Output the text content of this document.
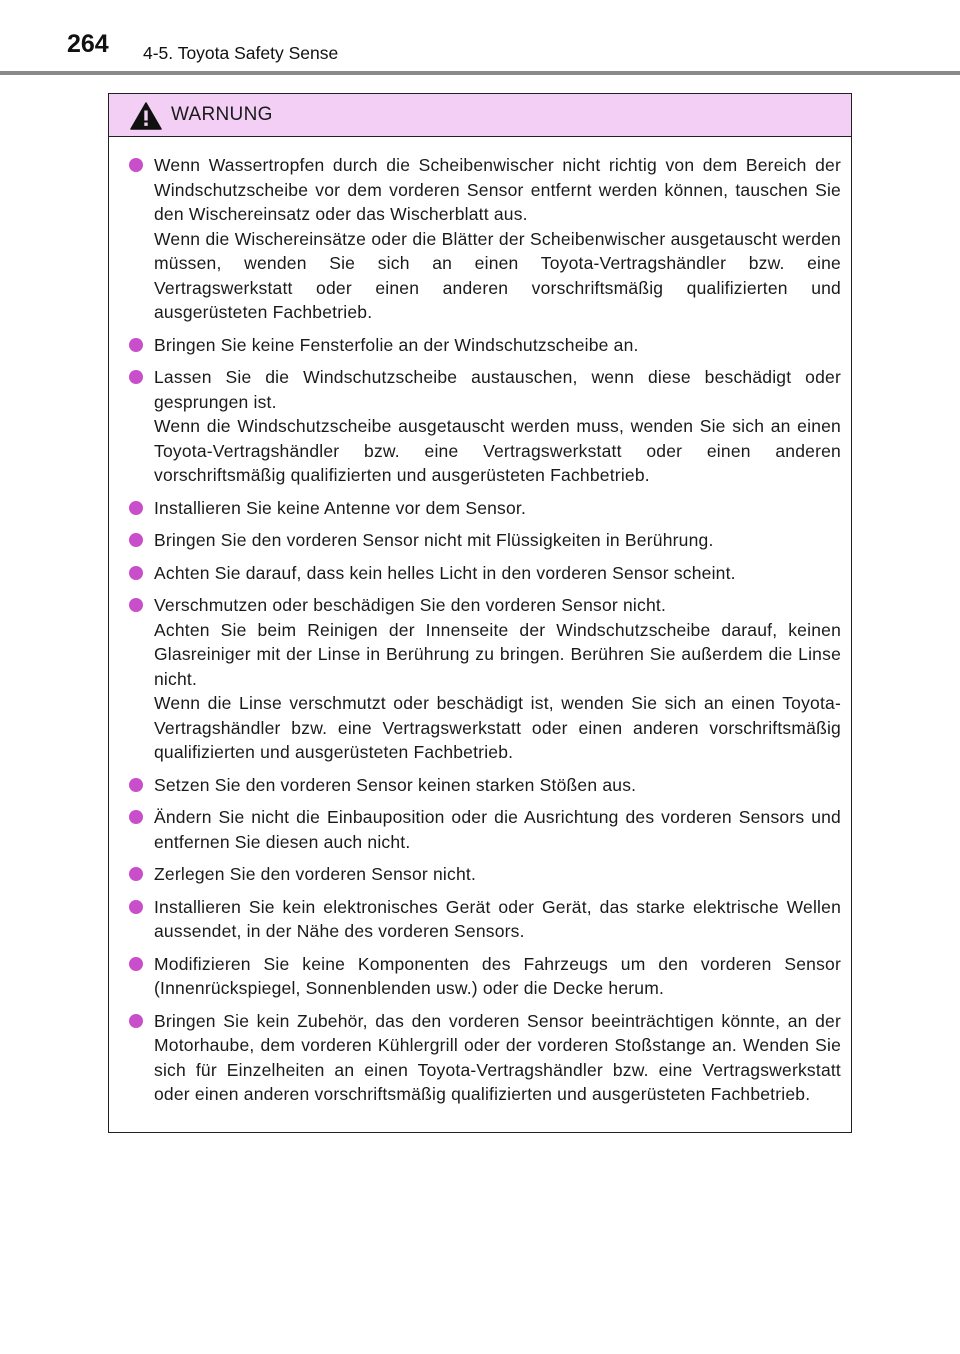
264 4-5. Toyota Safety Sense
WARNUNG
Wenn Wassertropfen durch die Scheibenwischer nicht richtig von dem Bereich der Windschutzscheibe vor dem vorderen Sensor entfernt werden können, tauschen Sie den Wischereinsatz oder das Wischerblatt aus.
Wenn die Wischereinsätze oder die Blätter der Scheibenwischer ausgetauscht werden müssen, wenden Sie sich an einen Toyota-Vertragshändler bzw. eine Vertragswerkstatt oder einen anderen vorschriftsmäßig qualifizierten und ausgerüsteten Fachbetrieb.
Bringen Sie keine Fensterfolie an der Windschutzscheibe an.
Lassen Sie die Windschutzscheibe austauschen, wenn diese beschädigt oder gesprungen ist.
Wenn die Windschutzscheibe ausgetauscht werden muss, wenden Sie sich an einen Toyota-Vertragshändler bzw. eine Vertragswerkstatt oder einen anderen vorschriftsmäßig qualifizierten und ausgerüsteten Fachbetrieb.
Installieren Sie keine Antenne vor dem Sensor.
Bringen Sie den vorderen Sensor nicht mit Flüssigkeiten in Berührung.
Achten Sie darauf, dass kein helles Licht in den vorderen Sensor scheint.
Verschmutzen oder beschädigen Sie den vorderen Sensor nicht.
Achten Sie beim Reinigen der Innenseite der Windschutzscheibe darauf, keinen Glasreiniger mit der Linse in Berührung zu bringen. Berühren Sie außerdem die Linse nicht.
Wenn die Linse verschmutzt oder beschädigt ist, wenden Sie sich an einen Toyota-Vertragshändler bzw. eine Vertragswerkstatt oder einen anderen vorschriftsmäßig qualifizierten und ausgerüsteten Fachbetrieb.
Setzen Sie den vorderen Sensor keinen starken Stößen aus.
Ändern Sie nicht die Einbauposition oder die Ausrichtung des vorderen Sensors und entfernen Sie diesen auch nicht.
Zerlegen Sie den vorderen Sensor nicht.
Installieren Sie kein elektronisches Gerät oder Gerät, das starke elektrische Wellen aussendet, in der Nähe des vorderen Sensors.
Modifizieren Sie keine Komponenten des Fahrzeugs um den vorderen Sensor (Innenrückspiegel, Sonnenblenden usw.) oder die Decke herum.
Bringen Sie kein Zubehör, das den vorderen Sensor beeinträchtigen könnte, an der Motorhaube, dem vorderen Kühlergrill oder der vorderen Stoßstange an. Wenden Sie sich für Einzelheiten an einen Toyota-Vertragshändler bzw. eine Vertragswerkstatt oder einen anderen vorschriftsmäßig qualifizierten und ausgerüsteten Fachbetrieb.
